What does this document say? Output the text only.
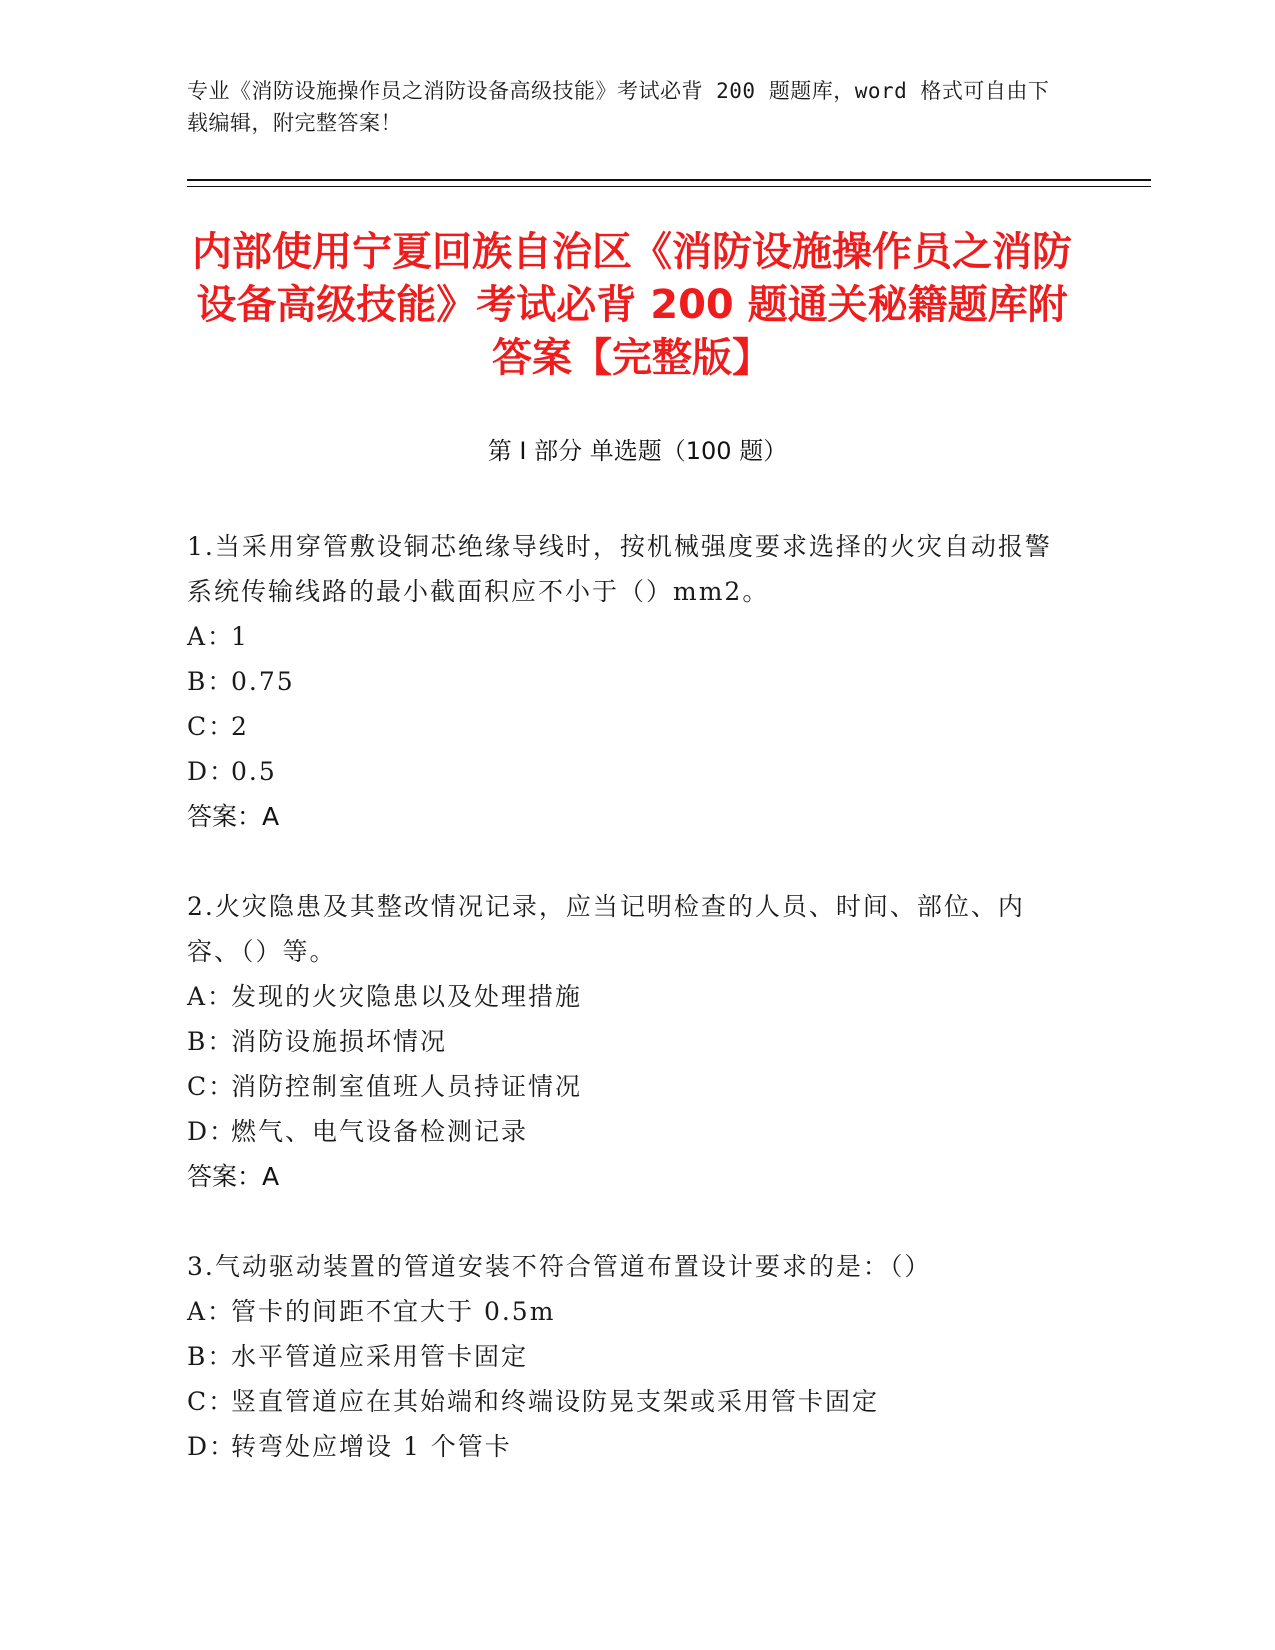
专业《消防设施操作员之消防设备高级技能》考试必背 200 题题库，word 格式可自由下载编辑，附完整答案！
内部使用宁夏回族自治区《消防设施操作员之消防设备高级技能》考试必背 200 题通关秘籍题库附答案【完整版】
第 I 部分 单选题（100 题）
1.当采用穿管敷设铜芯绝缘导线时，按机械强度要求选择的火灾自动报警系统传输线路的最小截面积应不小于（）mm2。
A：1
B：0.75
C：2
D：0.5
答案：A
2.火灾隐患及其整改情况记录，应当记明检查的人员、时间、部位、内容、（）等。
A：发现的火灾隐患以及处理措施
B：消防设施损坏情况
C：消防控制室值班人员持证情况
D：燃气、电气设备检测记录
答案：A
3.气动驱动装置的管道安装不符合管道布置设计要求的是：（）
A：管卡的间距不宜大于 0.5m
B：水平管道应采用管卡固定
C：竖直管道应在其始端和终端设防晃支架或采用管卡固定
D：转弯处应增设 1 个管卡
